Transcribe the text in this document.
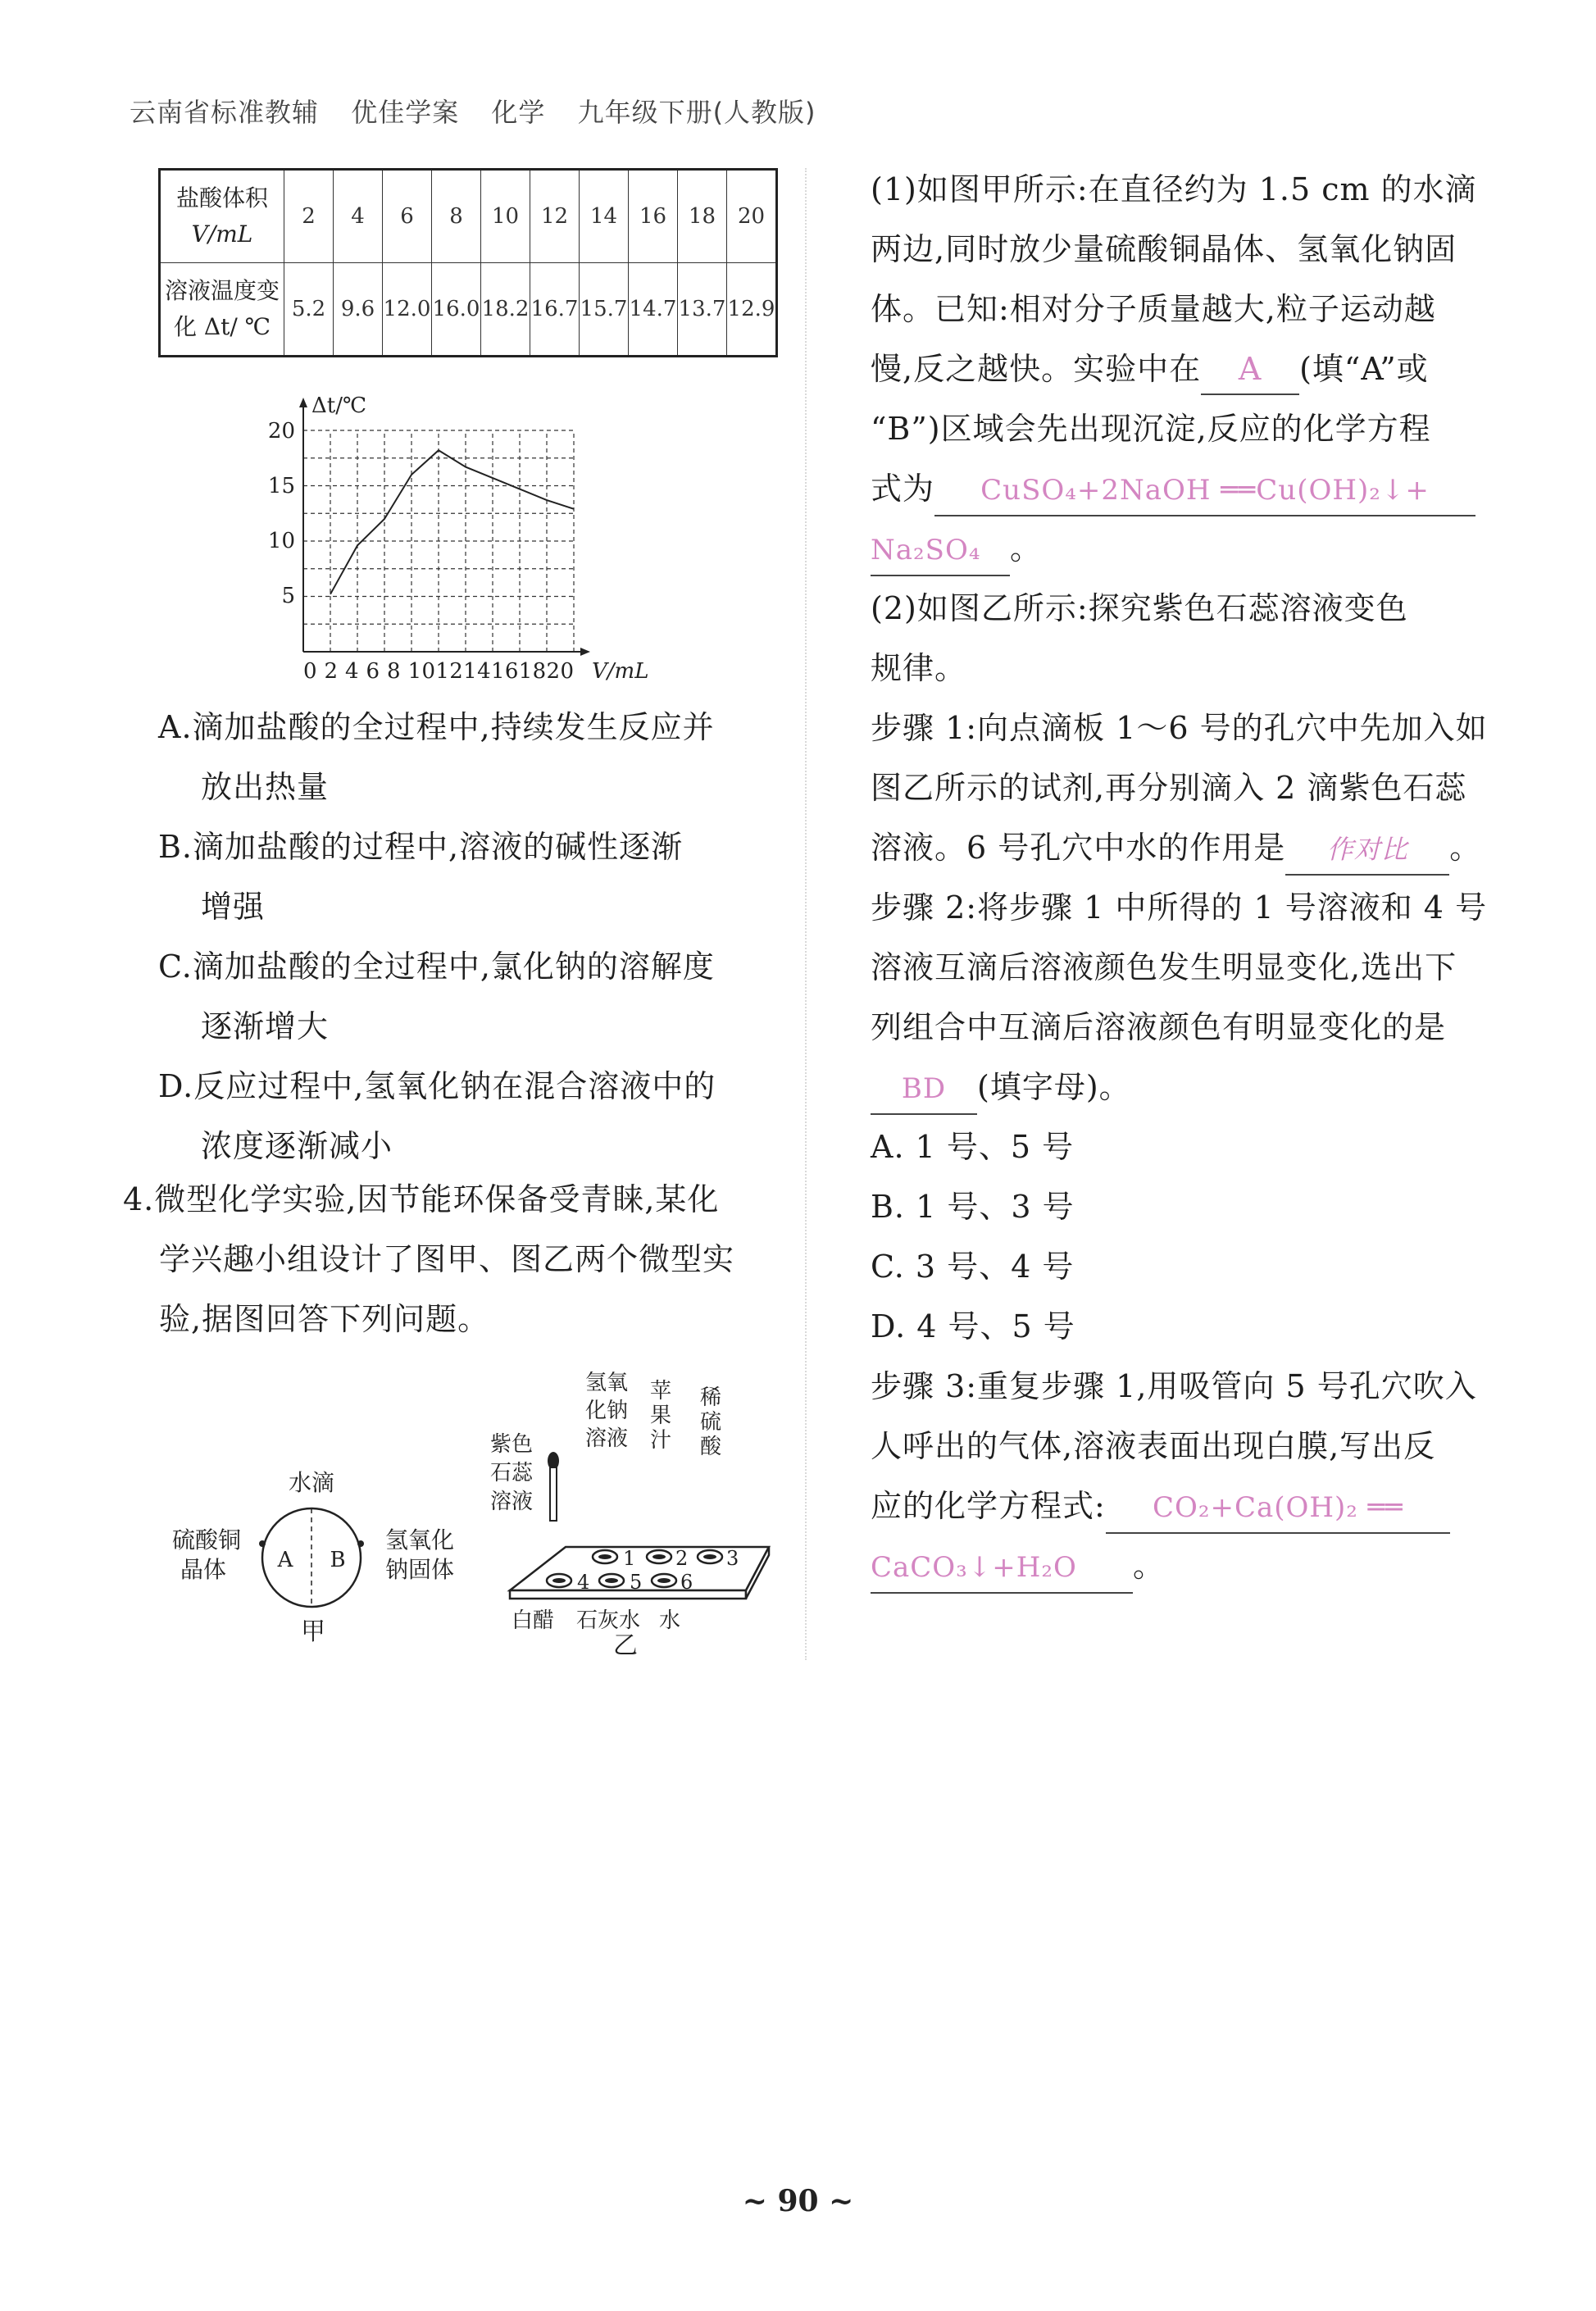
云南省标准教辅 优佳学案 化学 九年级下册(人教版)
盐酸体积
V/mL	2	4	6	8	10	12	14	16	18	20

溶液温度变
化 Δt/ ℃	5.2	9.6	12.0	16.0	18.2	16.7	15.7	14.7	13.7	12.9
Δt/℃
V/mL
0 2 4 6 8 101214161820
5
10
15
20
A.滴加盐酸的全过程中,持续发生反应并
放出热量
B.滴加盐酸的过程中,溶液的碱性逐渐
增强
C.滴加盐酸的全过程中,氯化钠的溶解度
逐渐增大
D.反应过程中,氢氧化钠在混合溶液中的
浓度逐渐减小
4.微型化学实验,因节能环保备受青睐,某化
学兴趣小组设计了图甲、图乙两个微型实
验,据图回答下列问题。
A B
水滴
硫酸铜
晶体
氢氧化
钠固体
甲
氢氧
化钠
溶液
苹
果
汁
稀
硫
酸
紫色
石蕊
溶液
1 2 3
4 5 6
白醋 石灰水 水
乙
(1)如图甲所示:在直径约为 1.5 cm 的水滴
两边,同时放少量硫酸铜晶体、氢氧化钠固
体。已知:相对分子质量越大,粒子运动越
慢,反之越快。实验中在 A (填“A”或
“B”)区域会先出现沉淀,反应的化学方程
式为 CuSO₄+2NaOH ══Cu(OH)₂↓+
Na₂SO₄ 。
(2)如图乙所示:探究紫色石蕊溶液变色
规律。
步骤 1:向点滴板 1～6 号的孔穴中先加入如
图乙所示的试剂,再分别滴入 2 滴紫色石蕊
溶液。6 号孔穴中水的作用是 作对比 。
步骤 2:将步骤 1 中所得的 1 号溶液和 4 号
溶液互滴后溶液颜色发生明显变化,选出下
列组合中互滴后溶液颜色有明显变化的是
BD (填字母)。
A. 1 号、5 号
B. 1 号、3 号
C. 3 号、4 号
D. 4 号、5 号
步骤 3:重复步骤 1,用吸管向 5 号孔穴吹入
人呼出的气体,溶液表面出现白膜,写出反
应的化学方程式: CO₂+Ca(OH)₂ ══
CaCO₃↓+H₂O 。
~ 90 ~
